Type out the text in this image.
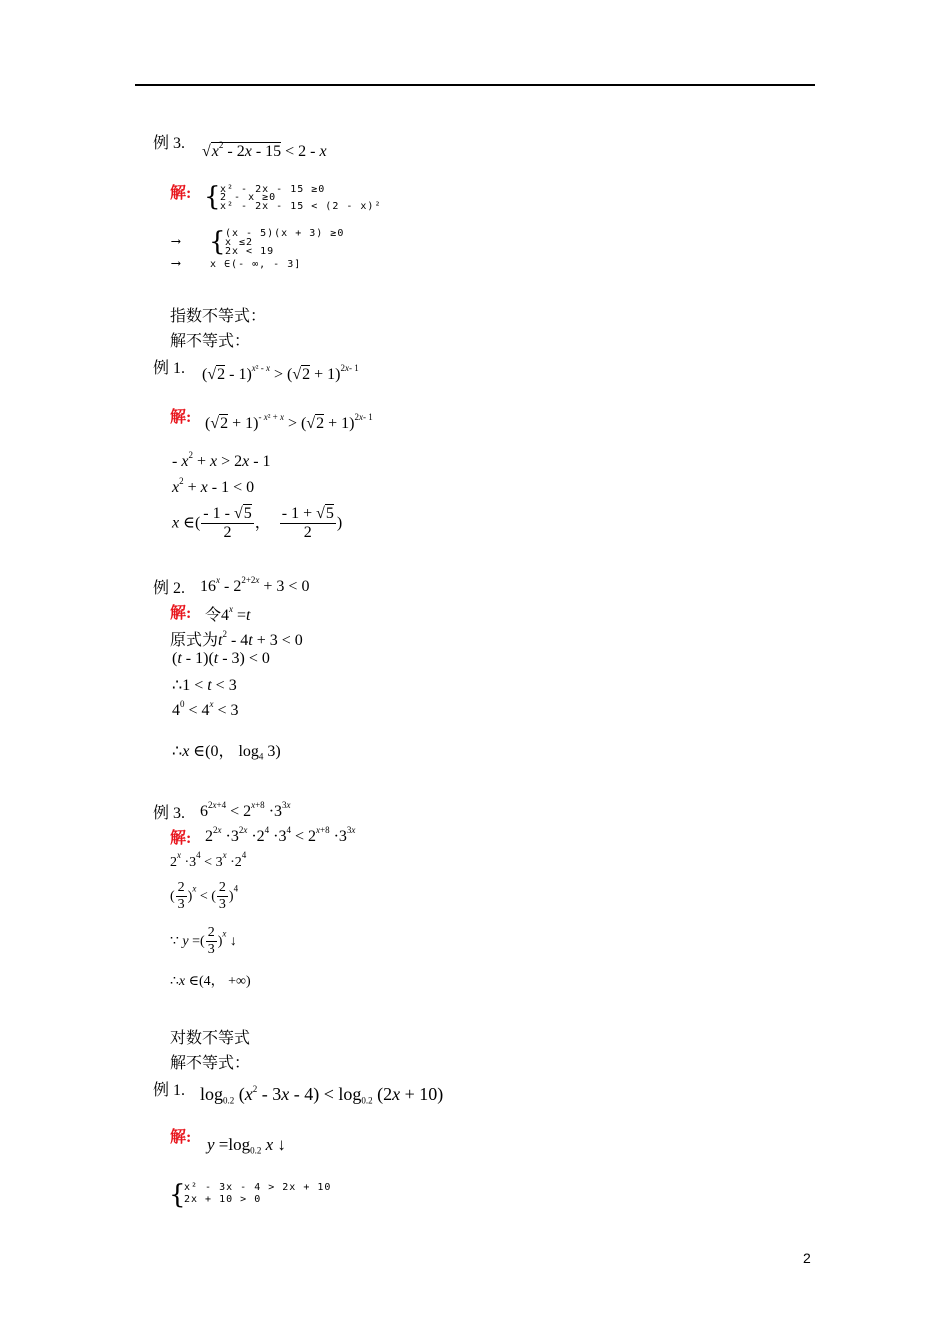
例 3. $√x^2 - 2x - 15 < 2 - x$
解: { x² - 2x - 15 ≥0
2 - x ≥0
x² - 2x - 15 < (2 - x)²
⟶ { (x - 5)(x + 3) ≥0
x ≤2
2x < 19
⟶	x ∈(- ∞, - 3]
指数不等式：
解不等式：
例 1. $(√2 - 1)^{x^2 - x} > (√2 + 1)^{2x- 1}$
解: $(√2 + 1)^{- x^2 + x} > (√2 + 1)^{2x- 1}$
- $x^2 + x > 2x - 1$
$x^2 + x - 1 < 0$
x ∈( $\frac{- 1 - √5}{2}$ ， $\frac{- 1 + √5}{2}$ )
例 2. $16^x - 2^{2+2x} + 3 < 0$
解: 令$4^x =t$
原式为$t^2 - 4t + 3 < 0$
(t - 1)(t - 3) < 0
∴1 < t < 3
$4^0 < 4^x < 3$
∴x ∈(0， $\log_4 3$)
例 3. $6^{2x+4} < 2^{x+8} \cdot 3^{3x}$
解: $2^{2x} \cdot 3^{2x} \cdot 2^4 \cdot 3^4 < 2^{x+8} \cdot 3^{3x}$
$2^x \cdot 3^4 < 3^x \cdot 2^4$
( $\frac{2}{3} )^x$ < ( $\frac{2}{3} )^4$
∵ y =( $\frac{2}{3} )^x$ ↓
∴x ∈(4， +∞)
对数不等式
解不等式：
例 1. $\log_{0.2} (x^2 - 3x - 4) < \log_{0.2} (2x + 10)$
解: $y =\log_{0.2}$ x ↓
{
x² - 3x - 4 > 2x + 10
2x + 10 > 0
2
